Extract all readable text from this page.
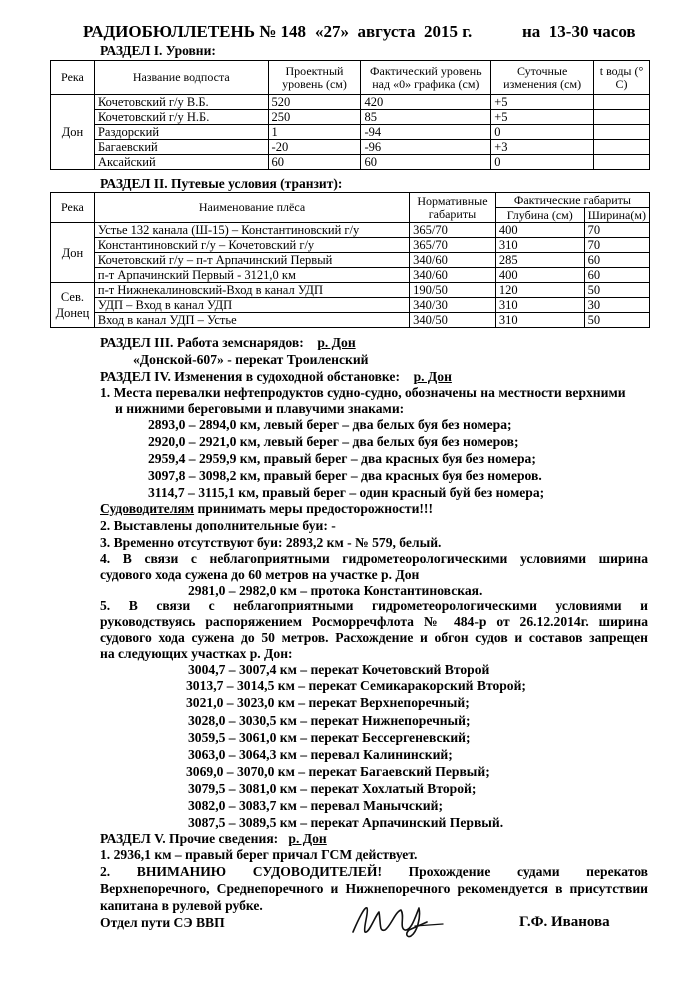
РАДИОБЮЛЛЕТЕНЬ № 148

«27»  августа  2015 г.

	на  13-30 часов

РАЗДЕЛ I. Уровни:
Река	Название водпоста	Проектный уровень (см)	Фактический уровень над «0» графика (см)	Суточные изменения (см)	t воды (° C)
Дон	Кочетовский г/у В.Б.	520	420	+5	
	Кочетовский г/у Н.Б.	250	85	+5	
	Раздорский	1	-94	0	
	Багаевский	-20	-96	+3	
	Аксайский	60	60	0	
РАЗДЕЛ II. Путевые условия (транзит):
Река	Наименование плёса	Нормативные габариты	Фактические габариты	
			Глубина (см)	Ширина(м)
Дон	Устье 132 канала (Ш-15) – Константиновский г/у	365/70	400	70
	Константиновский г/у – Кочетовский г/у	365/70	310	70
	Кочетовский г/у – п-т Арпачинский Первый	340/60	285	60
	п-т Арпачинский Первый - 3121,0 км	340/60	400	60
Сев. Донец	п-т Нижнекалиновский-Вход в канал УДП	190/50	120	50
	УДП – Вход в канал УДП	340/30	310	30
	Вход в канал УДП – Устье	340/50	310	50
РАЗДЕЛ III. Работа земснарядов: р. Дон
«Донской-607» - перекат Троиленский
РАЗДЕЛ IV. Изменения в судоходной обстановке: р. Дон
1. Места перевалки нефтепродуктов судно-судно, обозначены на местности верхними
и нижними береговыми и плавучими знаками:
2893,0 – 2894,0 км, левый берег – два белых буя без номера;
2920,0 – 2921,0 км, левый берег – два белых буя без номеров;
2959,4 – 2959,9 км, правый берег – два красных буя без номера;
3097,8 – 3098,2 км, правый берег – два красных буя без номеров.
3114,7 – 3115,1 км, правый берег – один красный буй без номера;
Судоводителям принимать меры предосторожности!!!
2. Выставлены дополнительные буи: -
3. Временно отсутствуют буи: 2893,2 км - № 579, белый.
4. В связи с неблагоприятными гидрометеорологическими условиями ширина
судового хода сужена до 60 метров на участке р. Дон
2981,0 – 2982,0 км – протока Константиновская.
5. В связи с неблагоприятными гидрометеорологическими условиями и
руководствуясь распоряжением Росморречфлота № 484-р от 26.12.2014г. ширина
судового хода сужена до 50 метров. Расхождение и обгон судов и составов запрещен
на следующих участках р. Дон:
3004,7 – 3007,4 км – перекат Кочетовский Второй
3013,7 – 3014,5 км – перекат Семикаракорский Второй;
3021,0 – 3023,0 км – перекат Верхнепоречный;
3028,0 – 3030,5 км – перекат Нижнепоречный;
3059,5 – 3061,0 км – перекат Бессергеневский;
3063,0 – 3064,3 км – перевал Калининский;
3069,0 – 3070,0 км – перекат Багаевский Первый;
3079,5 – 3081,0 км – перекат Хохлатый Второй;
3082,0 – 3083,7 км – перевал Манычский;
3087,5 – 3089,5 км – перекат Арпачинский Первый.
РАЗДЕЛ V. Прочие сведения: р. Дон
1. 2936,1 км – правый берег причал ГСМ действует.
2. ВНИМАНИЮ СУДОВОДИТЕЛЕЙ! Прохождение судами перекатов
Верхнепоречного, Среднепоречного и Нижнепоречного рекомендуется в присутствии
капитана в рулевой рубке.
Отдел пути СЭ ВВП	Г.Ф. Иванова
